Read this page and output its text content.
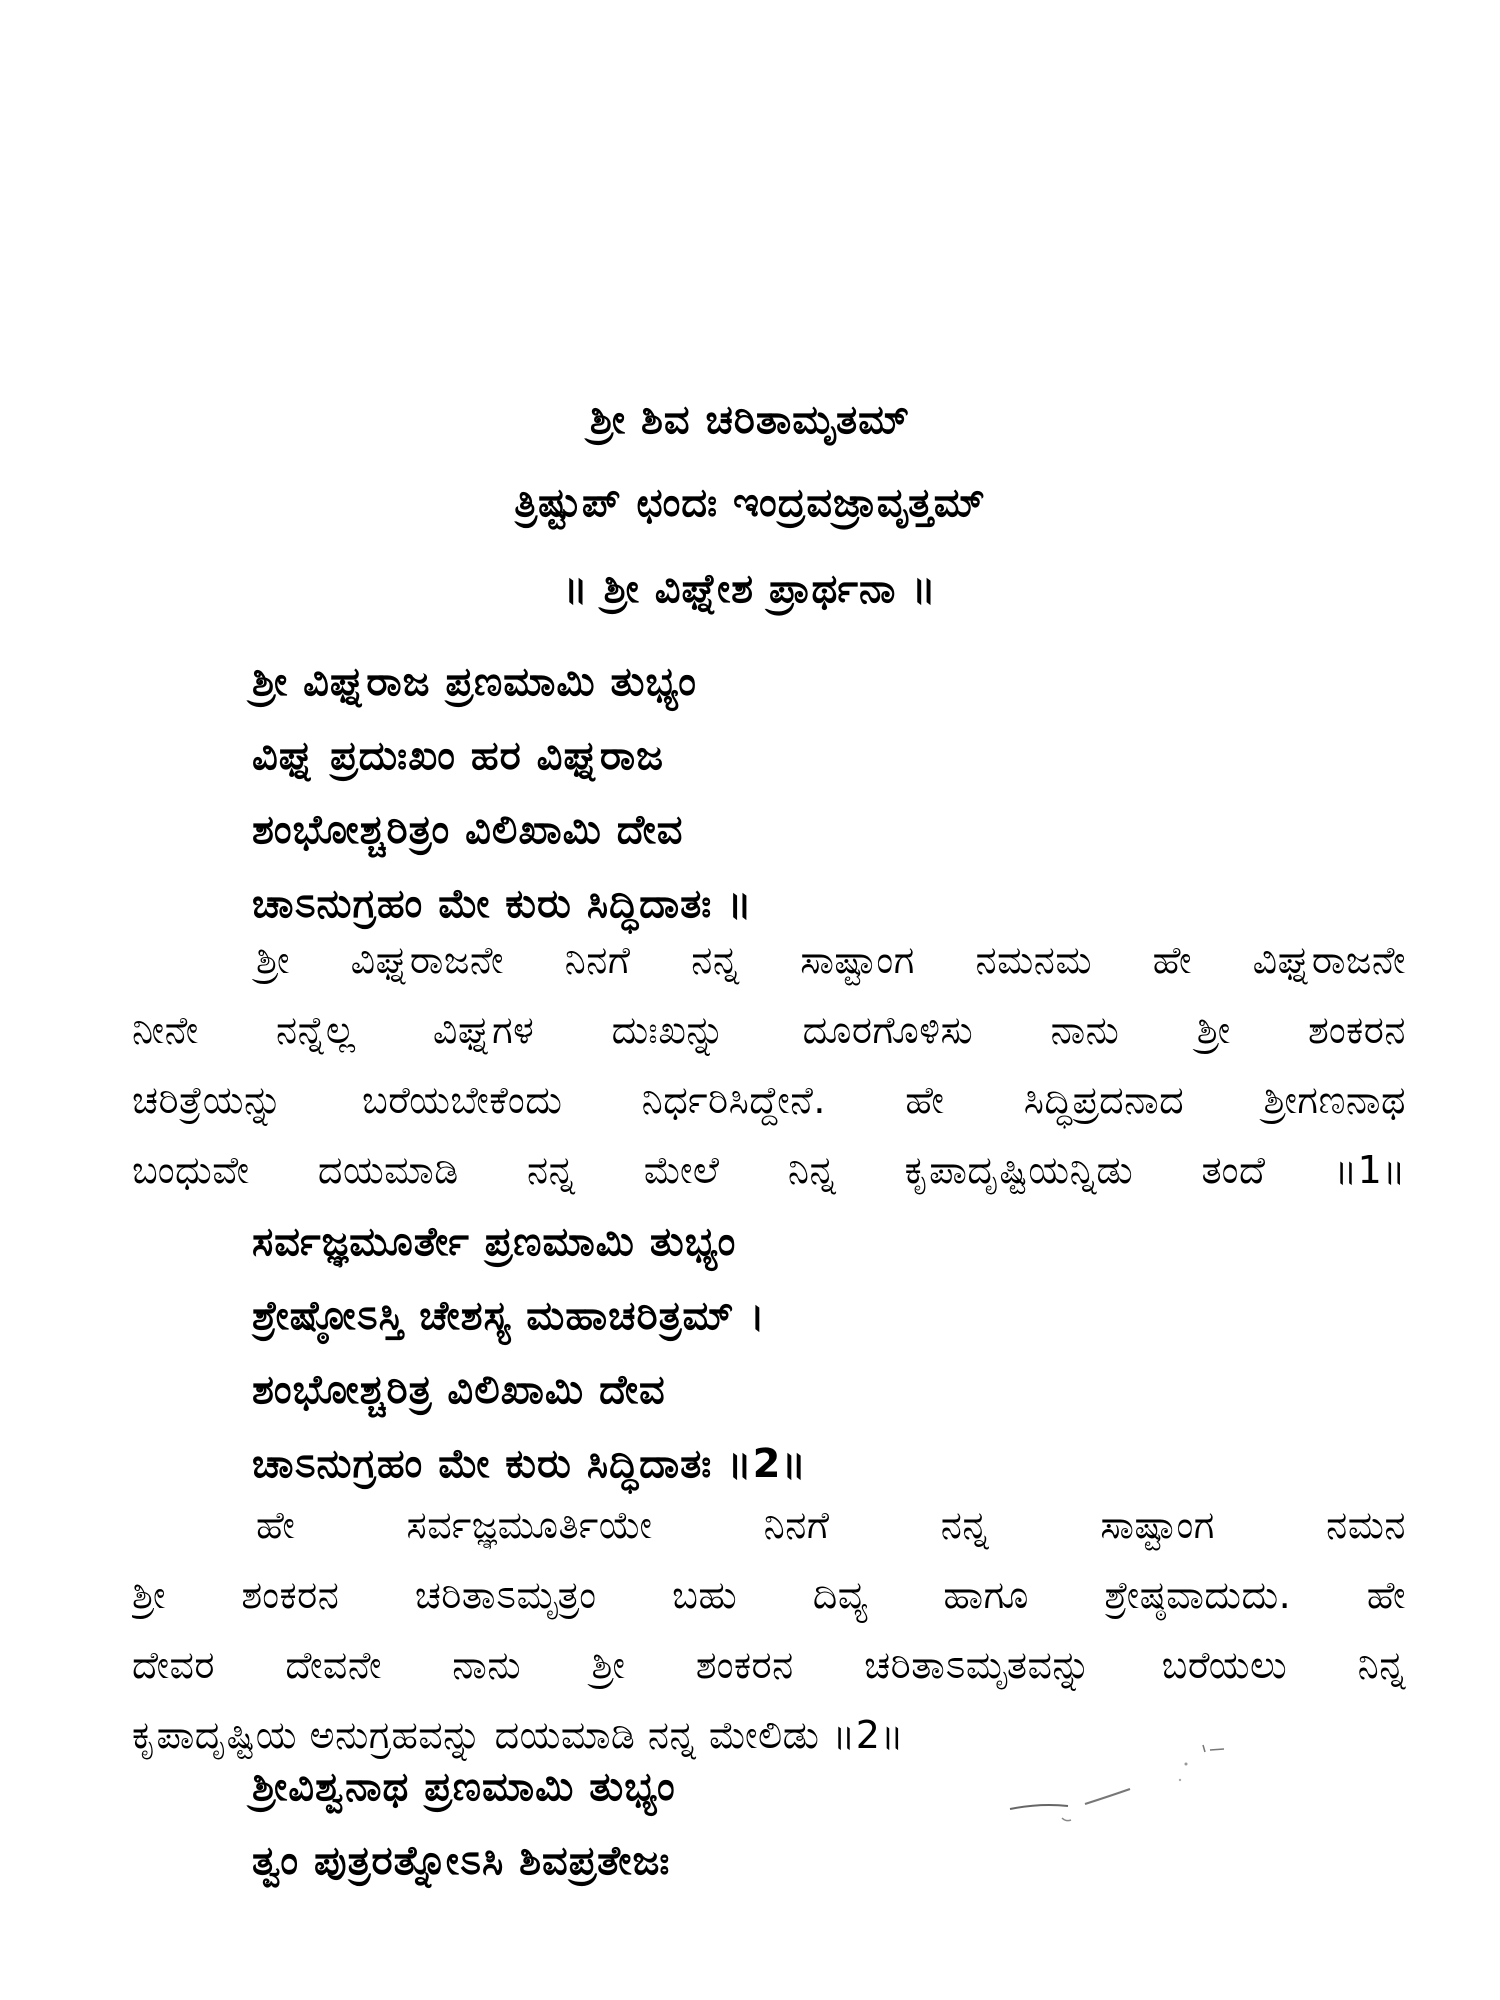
ಶ್ರೀ ಶಿವ ಚರಿತಾಮೃತಮ್
ತ್ರಿಷ್ಟುಪ್ ಛಂದಃ ಇಂದ್ರವಜ್ರಾವೃತ್ತಮ್
॥ ಶ್ರೀ ವಿಘ್ನೇಶ ಪ್ರಾರ್ಥನಾ ॥
ಶ್ರೀ ವಿಘ್ನರಾಜ ಪ್ರಣಮಾಮಿ ತುಭ್ಯಂ
ವಿಘ್ನ ಪ್ರದುಃಖಂ ಹರ ವಿಘ್ನರಾಜ
ಶಂಭೋಶ್ಚರಿತ್ರಂ ವಿಲಿಖಾಮಿ ದೇವ
ಚಾಽನುಗ್ರಹಂ ಮೇ ಕುರು ಸಿದ್ಧಿದಾತಃ ॥
ಶ್ರೀ ವಿಘ್ನರಾಜನೇ ನಿನಗೆ ನನ್ನ ಸಾಷ್ಟಾಂಗ ನಮನಮ ಹೇ ವಿಘ್ನರಾಜನೇ
ನೀನೇ ನನ್ನೆಲ್ಲ ವಿಘ್ನಗಳ ದುಃಖನ್ನು ದೂರಗೊಳಿಸು ನಾನು ಶ್ರೀ ಶಂಕರನ
ಚರಿತ್ರೆಯನ್ನು ಬರೆಯಬೇಕೆಂದು ನಿರ್ಧರಿಸಿದ್ದೇನೆ. ಹೇ ಸಿದ್ಧಿಪ್ರದನಾದ ಶ್ರೀಗಣನಾಥ
ಬಂಧುವೇ ದಯಮಾಡಿ ನನ್ನ ಮೇಲೆ ನಿನ್ನ ಕೃಪಾದೃಷ್ಟಿಯನ್ನಿಡು ತಂದೆ ॥1॥
ಸರ್ವಜ್ಞಮೂರ್ತೇ ಪ್ರಣಮಾಮಿ ತುಭ್ಯಂ
ಶ್ರೇಷ್ಠೋಽಸ್ತಿ ಚೇಶಸ್ಯ ಮಹಾಚರಿತ್ರಮ್ ।
ಶಂಭೋಶ್ಚರಿತ್ರ ವಿಲಿಖಾಮಿ ದೇವ
ಚಾಽನುಗ್ರಹಂ ಮೇ ಕುರು ಸಿದ್ಧಿದಾತಃ ॥2॥
ಹೇ ಸರ್ವಜ್ಞಮೂರ್ತಿಯೇ ನಿನಗೆ ನನ್ನ ಸಾಷ್ಟಾಂಗ ನಮನ
ಶ್ರೀ ಶಂಕರನ ಚರಿತಾಽಮೃತ್ರಂ ಬಹು ದಿವ್ಯ ಹಾಗೂ ಶ್ರೇಷ್ಠವಾದುದು. ಹೇ
ದೇವರ ದೇವನೇ ನಾನು ಶ್ರೀ ಶಂಕರನ ಚರಿತಾಽಮೃತವನ್ನು ಬರೆಯಲು ನಿನ್ನ
ಕೃಪಾದೃಷ್ಟಿಯ ಅನುಗ್ರಹವನ್ನು ದಯಮಾಡಿ ನನ್ನ ಮೇಲಿಡು ॥2॥
ಶ್ರೀವಿಶ್ವನಾಥ ಪ್ರಣಮಾಮಿ ತುಭ್ಯಂ
ತ್ವಂ ಪುತ್ರರತ್ನೋಽಸಿ ಶಿವಪ್ರತೇಜಃ
